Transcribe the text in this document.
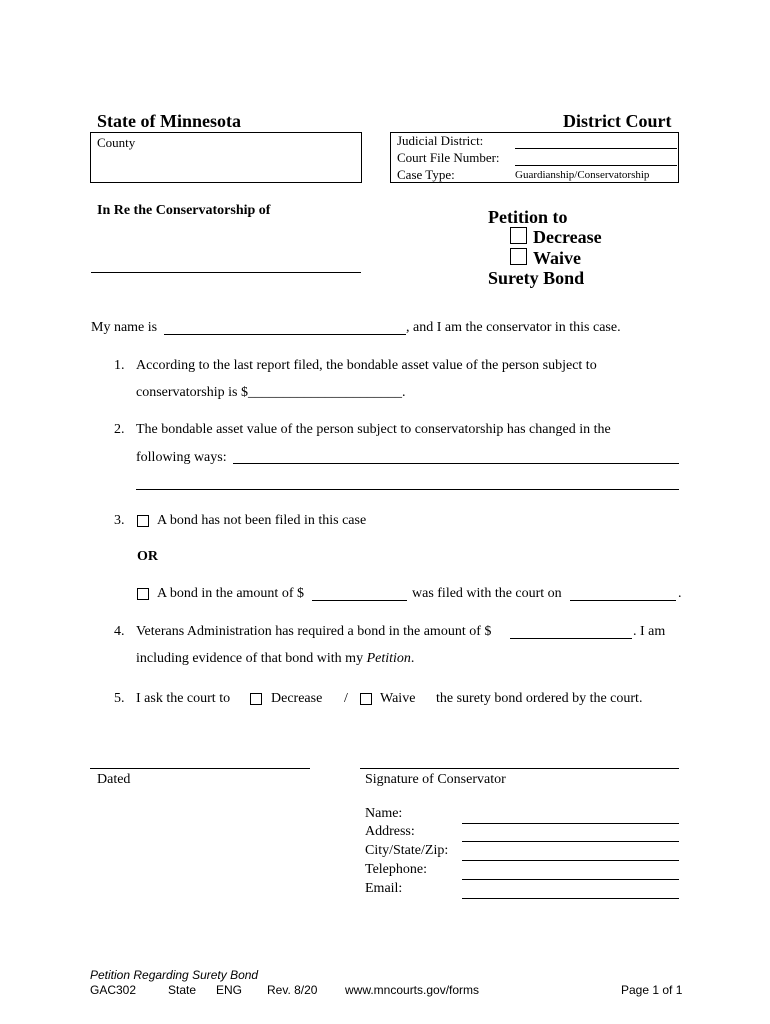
State of Minnesota	District Court
County	Judicial District:
Court File Number:
Case Type:	Guardianship/Conservatorship
In Re the Conservatorship of	Petition to
Decrease
Waive
Surety Bond
My name is	, and I am the conservator in this case.
1. According to the last report filed, the bondable asset value of the person subject to
conservatorship is $______________________.
2. The bondable asset value of the person subject to conservatorship has changed in the
following ways:
3. A bond has not been filed in this case
OR
A bond in the amount of $	was filed with the court on	.
4. Veterans Administration has required a bond in the amount of $	. I am
including evidence of that bond with my Petition.
5. I ask the court to	Decrease / Waive the surety bond ordered by the court.
Dated	Signature of Conservator
Name:
Address:
City/State/Zip:
Telephone:
Email:
Petition Regarding Surety Bond
GAC302	State ENG Rev. 8/20 www.mncourts.gov/forms	Page 1 of 1
